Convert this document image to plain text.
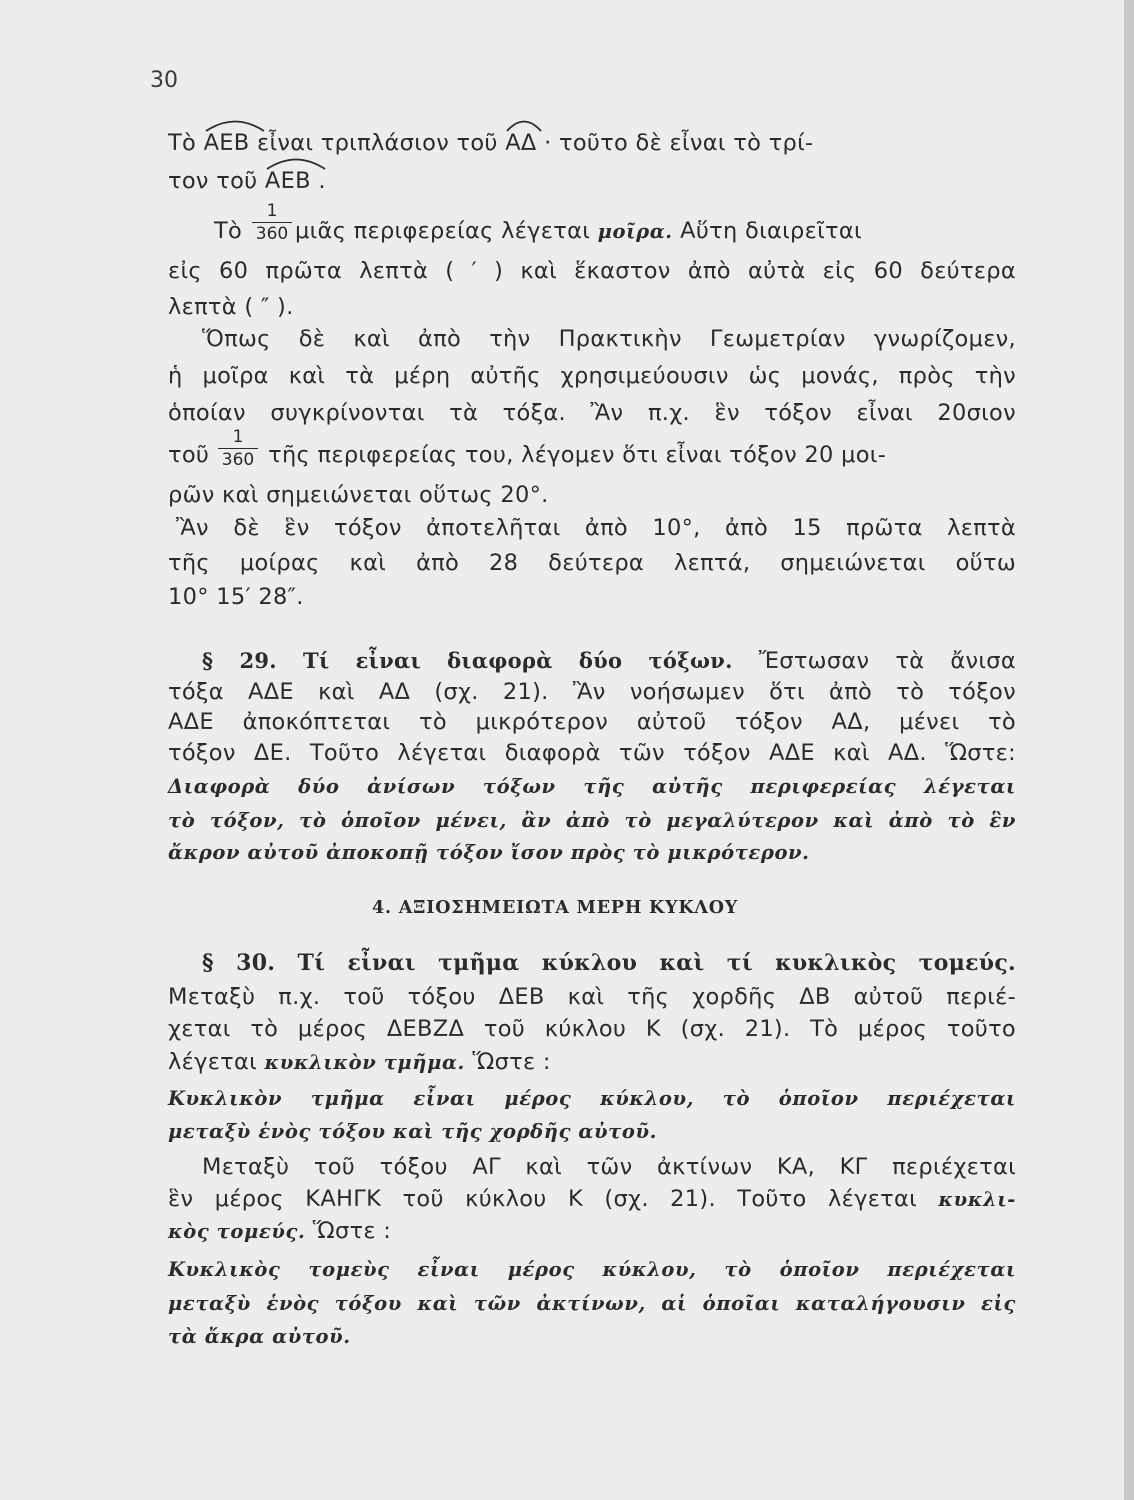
30
Τὸ ΑΕΒ εἶναι τριπλάσιον τοῦ ΑΔ · τοῦτο δὲ εἶναι τὸ τρί-
τον τοῦ ΑΕΒ .
Τὸ μιᾶς περιφερείας λέγεται μοῖρα. Αὕτη διαιρεῖται
1
360
εἰς 60 πρῶτα λεπτὰ ( ′ ) καὶ ἕκαστον ἀπὸ αὐτὰ εἰς 60 δεύτερα
λεπτὰ ( ″ ).
Ὅπως δὲ καὶ ἀπὸ τὴν Πρακτικὴν Γεωμετρίαν γνωρίζομεν,
ἡ μοῖρα καὶ τὰ μέρη αὐτῆς χρησιμεύουσιν ὡς μονάς, πρὸς τὴν
ὁποίαν συγκρίνονται τὰ τόξα. Ἂν π.χ. ἓν τόξον εἶναι 20σιον
τοῦ	τῆς περιφερείας του, λέγομεν ὅτι εἶναι τόξον 20 μοι-
1
360
ρῶν καὶ σημειώνεται οὕτως 20°.
Ἂν δὲ ἓν τόξον ἀποτελῆται ἀπὸ 10°, ἀπὸ 15 πρῶτα λεπτὰ
τῆς μοίρας καὶ ἀπὸ 28 δεύτερα λεπτά, σημειώνεται οὕτω
10° 15′ 28″.
§ 29. Τί εἶναι διαφορὰ δύο τόξων. Ἔστωσαν τὰ ἄνισα
τόξα ΑΔΕ καὶ ΑΔ (σχ. 21). Ἂν νοήσωμεν ὅτι ἀπὸ τὸ τόξον
ΑΔΕ ἀποκόπτεται τὸ μικρότερον αὐτοῦ τόξον ΑΔ, μένει τὸ
τόξον ΔΕ. Τοῦτο λέγεται διαφορὰ τῶν τόξον ΑΔΕ καὶ ΑΔ. Ὥστε:
Διαφορὰ δύο ἀνίσων τόξων τῆς αὐτῆς περιφερείας λέγεται
τὸ τόξον, τὸ ὁποῖον μένει, ἂν ἀπὸ τὸ μεγαλύτερον καὶ ἀπὸ τὸ ἓν
ἄκρον αὐτοῦ ἀποκοπῇ τόξον ἴσον πρὸς τὸ μικρότερον.
4. ΑΞΙΟΣΗΜΕΙΩΤΑ ΜΕΡΗ ΚΥΚΛΟΥ
§ 30. Τί εἶναι τμῆμα κύκλου καὶ τί κυκλικὸς τομεύς.
Μεταξὺ π.χ. τοῦ τόξου ΔΕΒ καὶ τῆς χορδῆς ΔΒ αὐτοῦ περιέ-
χεται τὸ μέρος ΔΕΒΖΔ τοῦ κύκλου Κ (σχ. 21). Τὸ μέρος τοῦτο
λέγεται κυκλικὸν τμῆμα. Ὥστε :
Κυκλικὸν τμῆμα εἶναι μέρος κύκλου, τὸ ὁποῖον περιέχεται
μεταξὺ ἑνὸς τόξου καὶ τῆς χορδῆς αὐτοῦ.
Μεταξὺ τοῦ τόξου ΑΓ καὶ τῶν ἀκτίνων ΚΑ, ΚΓ περιέχεται
ἓν μέρος ΚΑΗΓΚ τοῦ κύκλου Κ (σχ. 21). Τοῦτο λέγεται κυκλι-
κὸς τομεύς. Ὥστε :
Κυκλικὸς τομεὺς εἶναι μέρος κύκλου, τὸ ὁποῖον περιέχεται
μεταξὺ ἑνὸς τόξου καὶ τῶν ἀκτίνων, αἱ ὁποῖαι καταλήγουσιν εἰς
τὰ ἄκρα αὐτοῦ.
